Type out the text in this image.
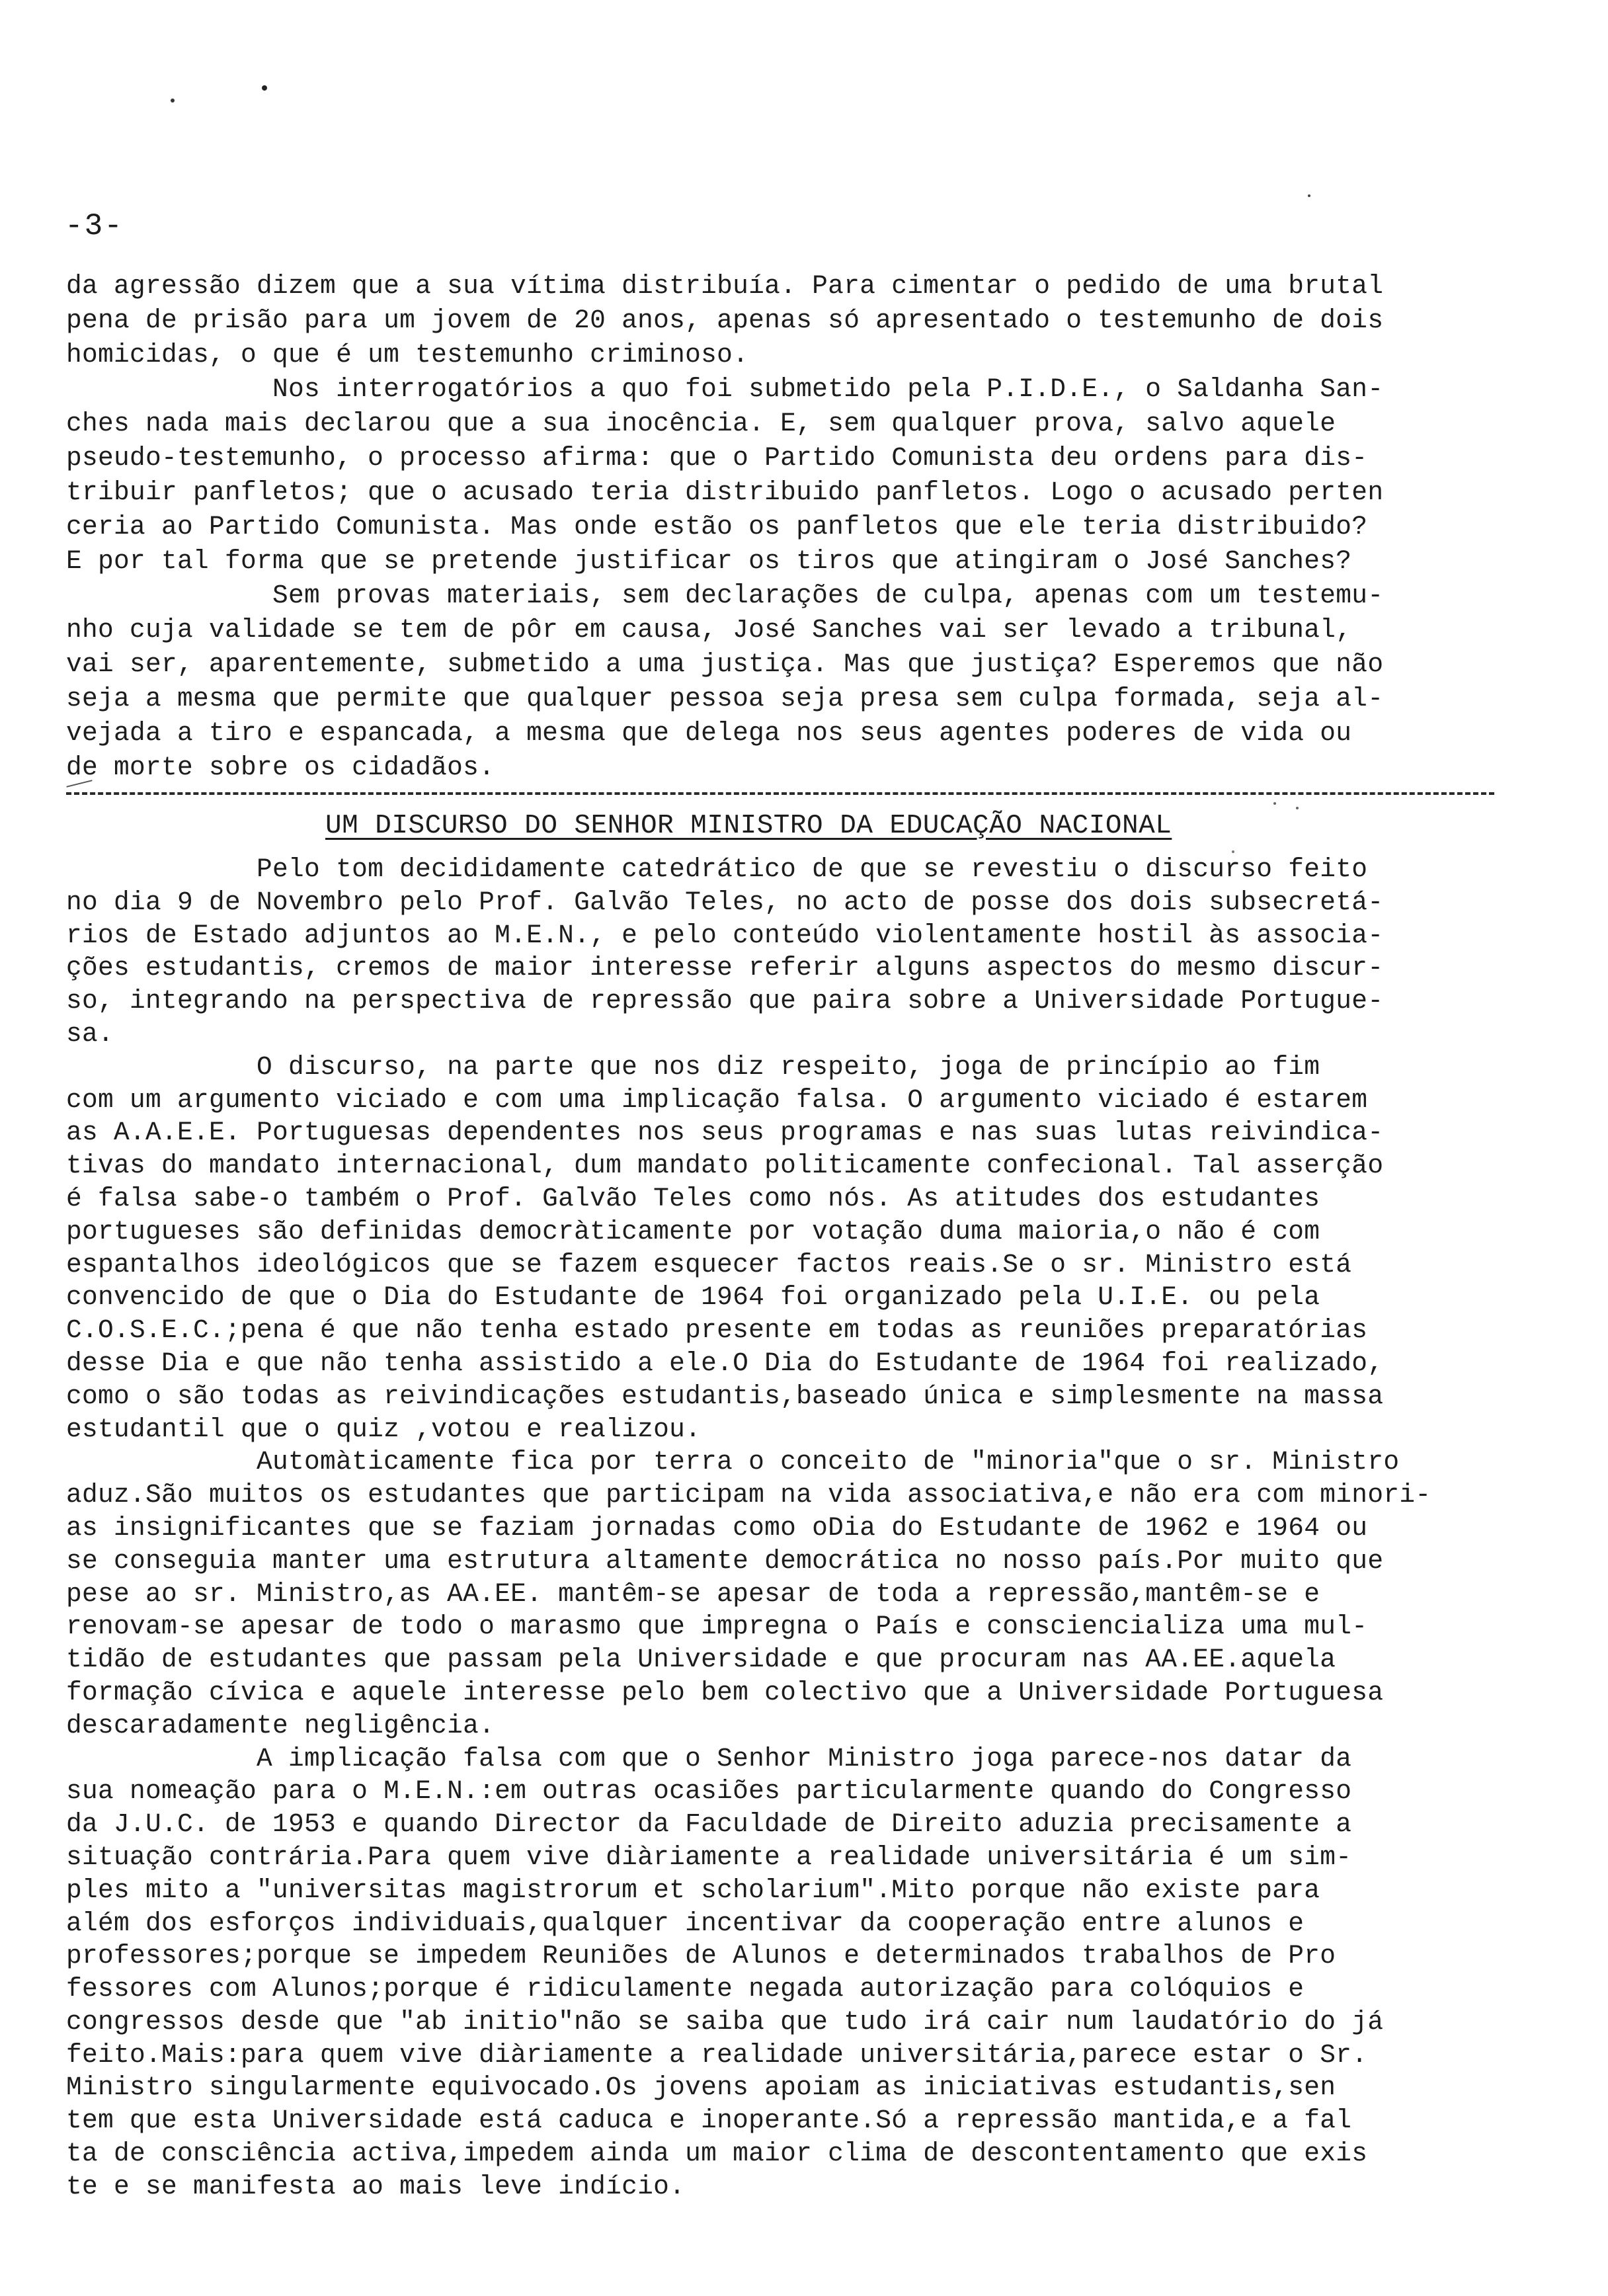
-3-
da agressão dizem que a sua vítima distribuía. Para cimentar o pedido de uma brutal
pena de prisão para um jovem de 20 anos, apenas só apresentado o testemunho de dois
homicidas, o que é um testemunho criminoso.
Nos interrogatórios a quo foi submetido pela P.I.D.E., o Saldanha San-
ches nada mais declarou que a sua inocência. E, sem qualquer prova, salvo aquele
pseudo-testemunho, o processo afirma: que o Partido Comunista deu ordens para dis-
tribuir panfletos; que o acusado teria distribuido panfletos. Logo o acusado perten
ceria ao Partido Comunista. Mas onde estão os panfletos que ele teria distribuido?
E por tal forma que se pretende justificar os tiros que atingiram o José Sanches?
Sem provas materiais, sem declarações de culpa, apenas com um testemu-
nho cuja validade se tem de pôr em causa, José Sanches vai ser levado a tribunal,
vai ser, aparentemente, submetido a uma justiça. Mas que justiça? Esperemos que não
seja a mesma que permite que qualquer pessoa seja presa sem culpa formada, seja al-
vejada a tiro e espancada, a mesma que delega nos seus agentes poderes de vida ou
de morte sobre os cidadãos.
UM DISCURSO DO SENHOR MINISTRO DA EDUCAÇÃO NACIONAL
Pelo tom decididamente catedrático de que se revestiu o discurso feito
no dia 9 de Novembro pelo Prof. Galvão Teles, no acto de posse dos dois subsecretá-
rios de Estado adjuntos ao M.E.N., e pelo conteúdo violentamente hostil às associa-
ções estudantis, cremos de maior interesse referir alguns aspectos do mesmo discur-
so, integrando na perspectiva de repressão que paira sobre a Universidade Portugue-
sa.
O discurso, na parte que nos diz respeito, joga de princípio ao fim
com um argumento viciado e com uma implicação falsa. O argumento viciado é estarem
as A.A.E.E. Portuguesas dependentes nos seus programas e nas suas lutas reivindica-
tivas do mandato internacional, dum mandato politicamente confecional. Tal asserção
é falsa sabe-o também o Prof. Galvão Teles como nós. As atitudes dos estudantes
portugueses são definidas democràticamente por votação duma maioria,o não é com
espantalhos ideológicos que se fazem esquecer factos reais.Se o sr. Ministro está
convencido de que o Dia do Estudante de 1964 foi organizado pela U.I.E. ou pela
C.O.S.E.C.;pena é que não tenha estado presente em todas as reuniões preparatórias
desse Dia e que não tenha assistido a ele.O Dia do Estudante de 1964 foi realizado,
como o são todas as reivindicações estudantis,baseado única e simplesmente na massa
estudantil que o quiz ,votou e realizou.
Automàticamente fica por terra o conceito de "minoria"que o sr. Ministro
aduz.São muitos os estudantes que participam na vida associativa,e não era com minori-
as insignificantes que se faziam jornadas como oDia do Estudante de 1962 e 1964 ou
se conseguia manter uma estrutura altamente democrática no nosso país.Por muito que
pese ao sr. Ministro,as AA.EE. mantêm-se apesar de toda a repressão,mantêm-se e
renovam-se apesar de todo o marasmo que impregna o País e consciencializa uma mul-
tidão de estudantes que passam pela Universidade e que procuram nas AA.EE.aquela
formação cívica e aquele interesse pelo bem colectivo que a Universidade Portuguesa
descaradamente negligência.
A implicação falsa com que o Senhor Ministro joga parece-nos datar da
sua nomeação para o M.E.N.:em outras ocasiões particularmente quando do Congresso
da J.U.C. de 1953 e quando Director da Faculdade de Direito aduzia precisamente a
situação contrária.Para quem vive diàriamente a realidade universitária é um sim-
ples mito a "universitas magistrorum et scholarium".Mito porque não existe para
além dos esforços individuais,qualquer incentivar da cooperação entre alunos e
professores;porque se impedem Reuniões de Alunos e determinados trabalhos de Pro
fessores com Alunos;porque é ridiculamente negada autorização para colóquios e
congressos desde que "ab initio"não se saiba que tudo irá cair num laudatório do já
feito.Mais:para quem vive diàriamente a realidade universitária,parece estar o Sr.
Ministro singularmente equivocado.Os jovens apoiam as iniciativas estudantis,sen
tem que esta Universidade está caduca e inoperante.Só a repressão mantida,e a fal
ta de consciência activa,impedem ainda um maior clima de descontentamento que exis
te e se manifesta ao mais leve indício.
